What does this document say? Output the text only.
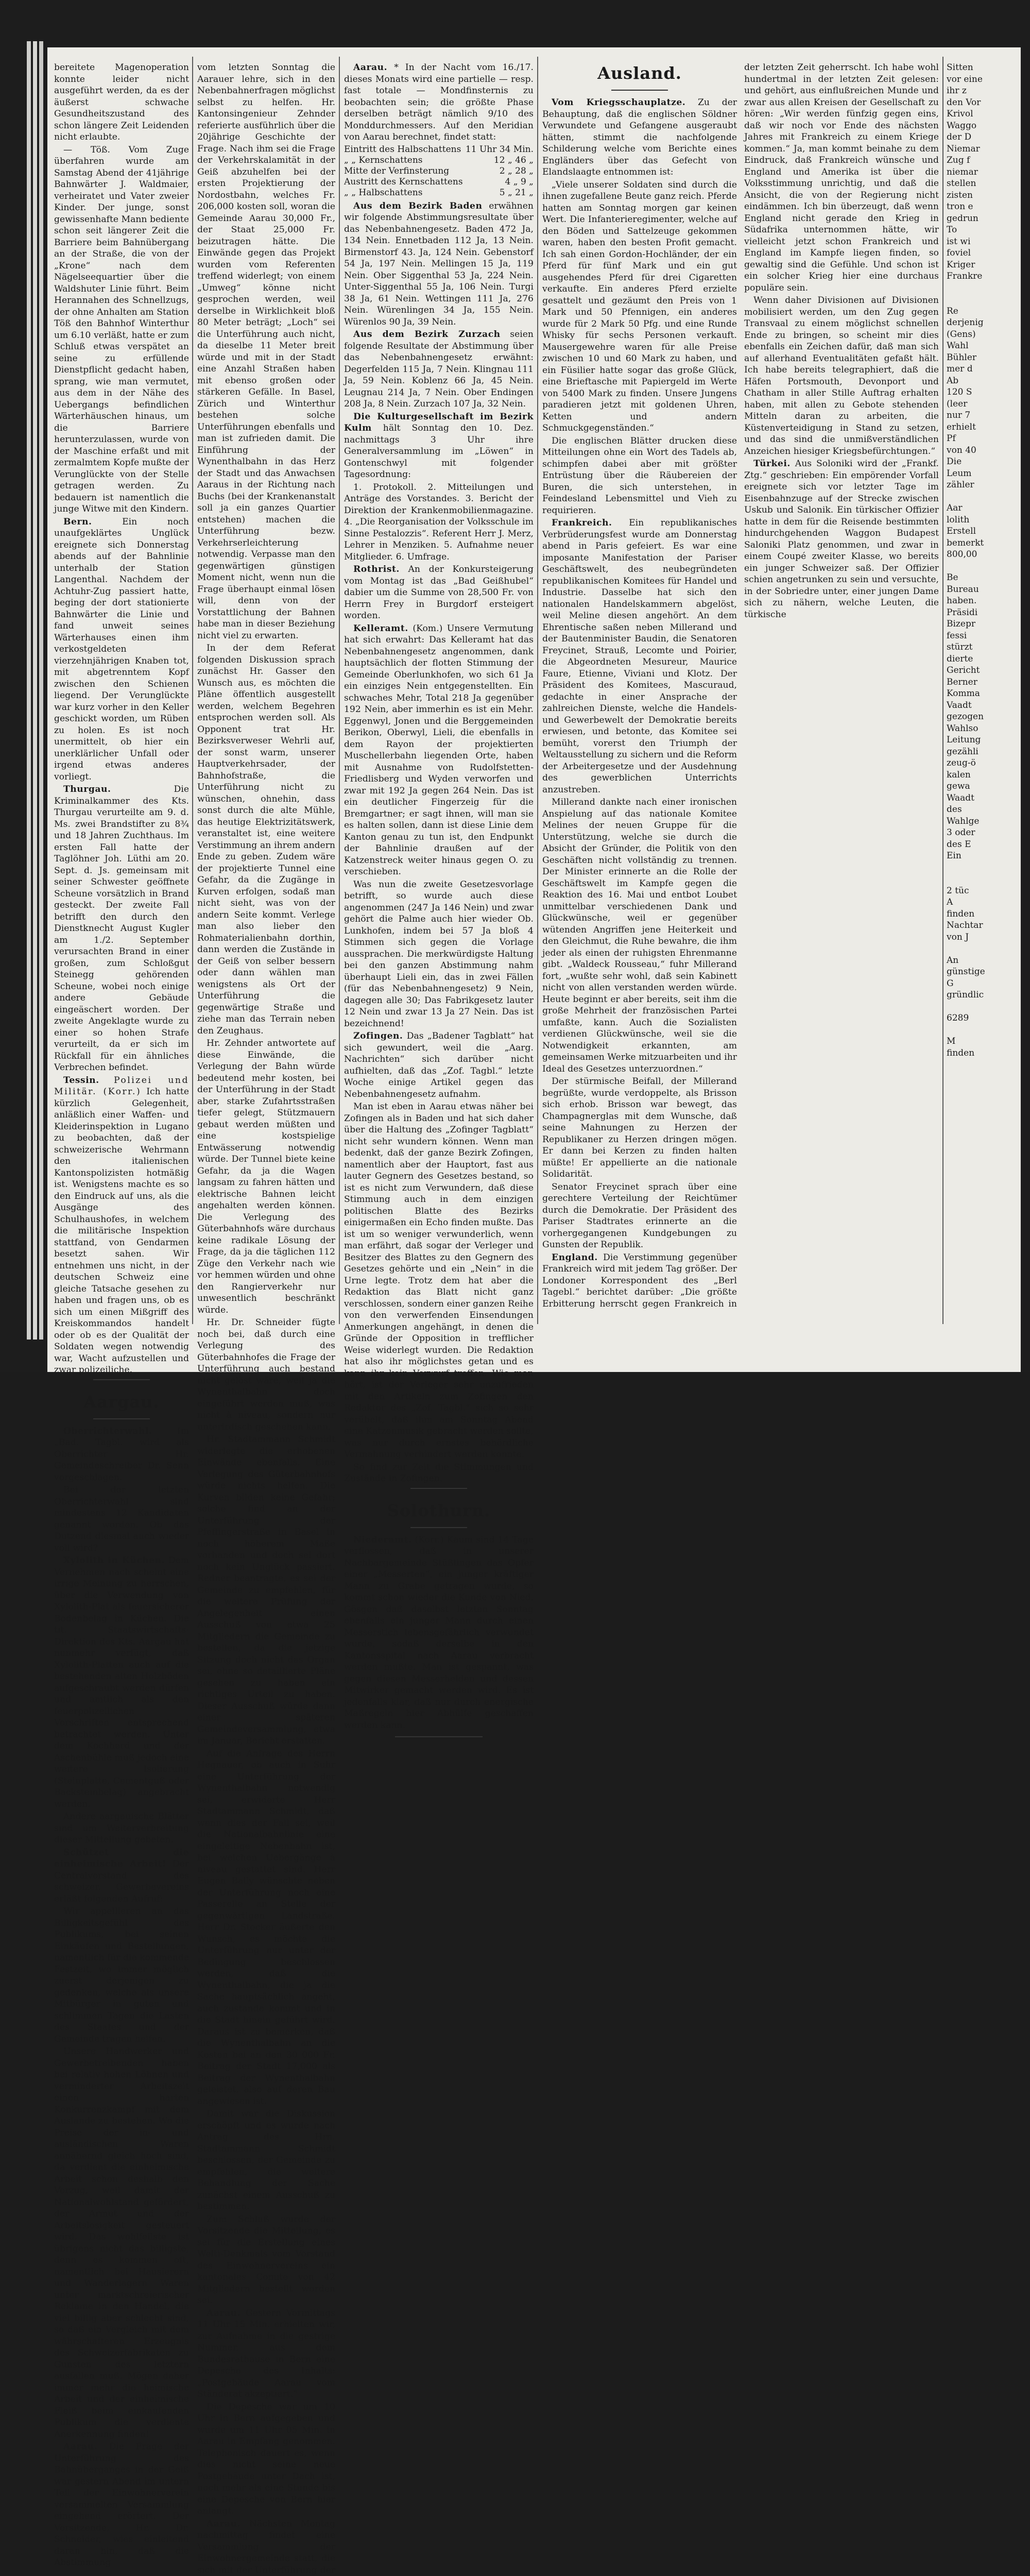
bereitete Magenoperation konnte leider nicht ausgeführt werden, da es der äußerst schwache Gesundheitszustand des schon längere Zeit Leidenden nicht erlaubte.

— Töß. Vom Zuge überfahren wurde am Samstag Abend der 41jährige Bahnwärter J. Waldmaier, verheiratet und Vater zweier Kinder. Der junge, sonst gewissenhafte Mann bediente schon seit längerer Zeit die Barriere beim Bahnübergang an der Straße, die von der „Krone“ nach dem Nägelseequartier über die Waldshuter Linie führt. Beim Herannahen des Schnellzugs, der ohne Anhalten am Station Töß den Bahnhof Winterthur um 6.10 verläßt, hatte er zum Schluß etwas verspätet an seine zu erfüllende Dienstpflicht gedacht haben, sprang, wie man vermutet, aus dem in der Nähe des Uebergangs befindlichen Wärterhäuschen hinaus, um die Barriere herunterzulassen, wurde von der Maschine erfaßt und mit zermalmtem Kopfe mußte der Verunglückte von der Stelle getragen werden. Zu bedauern ist namentlich die junge Witwe mit den Kindern.

Bern.	Ein noch unaufgeklärtes Unglück ereignete sich Donnerstag abends auf der Bahnlinie unterhalb der Station Langenthal. Nachdem der Achtuhr-Zug passiert hatte, beging der dort stationierte Bahnwärter die Linie und fand unweit seines Wärterhauses einen ihm verkostgeldeten vierzehnjährigen Knaben tot, mit abgetrenntem Kopf zwischen den Schienen liegend. Der Verunglückte war kurz vorher in den Keller geschickt worden, um Rüben zu holen. Es ist noch unermittelt, ob hier ein unerklärlicher Unfall oder irgend etwas anderes vorliegt.

Thurgau.	Die Kriminalkammer des Kts. Thurgau verurteilte am 9. d. Ms. zwei Brandstifter zu 8¾ und 18 Jahren Zuchthaus. Im ersten Fall hatte der Taglöhner Joh. Lüthi am 20. Sept. d. Js. gemeinsam mit seiner Schwester geöffnete Scheune vorsätzlich in Brand gesteckt. Der zweite Fall betrifft den durch den Dienstknecht August Kugler am 1./2. September verursachten Brand in einer großen, zum Schloßgut Steinegg gehörenden Scheune, wobei noch einige andere Gebäude eingeäschert worden. Der zweite Angeklagte wurde zu einer so hohen Strafe verurteilt, da er sich im Rückfall für ein ähnliches Verbrechen befindet.

Tessin. Polizei und Militär. (Korr.) Ich hatte kürzlich Gelegenheit, anläßlich einer Waffen- und Kleiderinspektion in Lugano zu beobachten, daß der schweizerische Wehrmann den italienischen Kantonspolizisten hotmäßig ist. Wenigstens machte es so den Eindruck auf uns, als die Ausgänge des Schulhaushofes, in welchem die militärische Inspektion stattfand, von Gendarmen besetzt sahen. Wir entnehmen uns nicht, in der deutschen Schweiz eine gleiche Tatsache gesehen zu haben und fragen uns, ob es sich um einen Mißgriff des Kreiskommandos handelt oder ob es der Qualität der Soldaten wegen notwendig war, Wacht aufzustellen und zwar polizeiliche.

Aargau.

Oberrichterwahl.	Im „Bad. Tagbl. wird als Oberrichter Hr. Gemeindeschreiber Dr. Senn vorgeschlagen.

Bei der letzten Oberrichterwahl sind mindestens 12 Kandidaten genannt worden. Ob das Dutzend diesmal auch wieder voll wird?

Xylolith in Küchen. Dem Vernehmen nach scheint eine irrige Meinung zu herrschen, über die Verwendung von Xylolith-Plat als feuersicherer Bodenbelag in Küchen. Die tit. Staatswirtschafts-Direktion des Kts. Aargau hat nunmehr verfügt, daß Xylolith-Platten auch auf die bestehenden alten Holzböden aufgeschraubt werden dürfen und amtlich als den feuerpolizeilichen Vorschriften entsprechend betrachtet werden. Unter dem Kochherd und der Aschenbühle muß jedoch eine weitere Isolierung (Steinplatte, Cementguß oder Backsteinbelag) angebracht werden.

Andere aargauische Blätter sind um Weiterverbreitung dieser Mitteilung gebeten.

Schützet die einheimische Arbeit! Der Centralvorstand des schweizer. Gewerbevereins erläßt folgenden Aufruf:

Wir appellieren an das Billigkeitsgefühl des Publikums, bei seinen Einkäufen und Bestellungen, namentlich für die kommende Festzeit, wo immer möglich zuerst derjenigen zu gedenken, welche als unsere Mitbürger in guten und schlimmen Tagen die Lasten des Staates und der Gemeinde tragen helfen.

Unsere Handwerker und Gewerbetreibenden haben bei relativ hohen Löhnen und verminderter Arbeitszeit einen harten Konkurrenzkampf mit dem Auslande zu bestehen. Wo die Preise der in- und ausländischen Waren annähernd gleich hoch sind, da verdient die einheimische Arbeit schon deshalb den Vorzug, weil damit der Nationalwohlstand gefördert, der Armut und der Arbeitslosigkeit gesteuert wird. Das wohlfeilste ist übrigens nicht das billigste, denn es kommen oft, namentlich bei Hausierern und Wanderlagern Waren unter marktschreierischer Reklame in den Handel, die viel billig aber schlecht sind, so daß ein Vergleich mit dem währschafteren Erzeugnis des Schweizerfabrikaten zu Gunsten des letztern ausfallen muß. Mögen daher immer mehr die heimische Arbeit und der einheimische Fleiß beim einkaufenden Publikum die verdiente Anerkennung finden!

Aarau. Die Frage der Unterführung des Bahnüberganges in der Geiß war gestern Abend im untern Teil der Einwohnerverein versammelten Versammlung eingehend erörtert. Der Vorsitzende, Hr. Dr. Schneider, wies einleitend daran hin, daß die Abstimmung

vom letzten Sonntag die Aarauer lehre, sich in den Nebenbahnerfragen möglichst selbst zu helfen. Hr. Kantonsingenieur Zehnder referierte ausführlich über die 20jährige Geschichte der Frage. Nach ihm sei die Frage der Verkehrskalamität in der Geiß abzuhelfen bei der ersten Projektierung der Nordostbahn, welches Fr. 206,000 kosten soll, woran die Gemeinde Aarau 30,000 Fr., der Staat 25,000 Fr. beizutragen hätte. Die Einwände gegen das Projekt wurden vom Referenten treffend widerlegt; von einem „Umweg“ könne nicht gesprochen werden, weil derselbe in Wirklichkeit bloß 80 Meter beträgt; „Loch“ sei die Unterführung auch nicht, da dieselbe 11 Meter breit würde und mit in der Stadt eine Anzahl Straßen haben mit ebenso großen oder stärkeren Gefälle. In Basel, Zürich und Winterthur bestehen solche Unterführungen ebenfalls und man ist zufrieden damit. Die Einführung der Wynenthalbahn in das Herz der Stadt und das Anwachsen Aaraus in der Richtung nach Buchs (bei der Krankenanstalt soll ja ein ganzes Quartier entstehen) machen die Unterführung bezw. Verkehrserleichterung notwendig. Verpasse man den gegenwärtigen günstigen Moment nicht, wenn nun die Frage überhaupt einmal lösen will, denn von der Vorstattlichung der Bahnen habe man in dieser Beziehung nicht viel zu erwarten.

In der dem Referat folgenden Diskussion sprach zunächst Hr. Gasser den Wunsch aus, es möchten die Pläne öffentlich ausgestellt werden, welchem Begehren entsprochen werden soll. Als Opponent trat Hr. Bezirksverweser Wehrli auf, der sonst warm, unserer Hauptverkehrsader, der Bahnhofstraße, die Unterführung nicht zu wünschen, ohnehin, dass sonst durch die alte Mühle, das heutige Elektrizitätswerk, veranstaltet ist, eine weitere Verstimmung an ihrem andern Ende zu geben. Zudem wäre der projektierte Tunnel eine Gefahr, da die Zugänge in Kurven erfolgen, sodaß man nicht sieht, was von der andern Seite kommt. Verlege man also lieber den Rohmaterialienbahn dorthin, dann werden die Zustände in der Geiß von selber bessern oder dann wählen man wenigstens als Ort der Unterführung die gegenwärtige Straße und ziehe man das Terrain neben den Zeughaus.

Hr. Zehnder antwortete auf diese Einwände, die Verlegung der Bahn würde bedeutend mehr kosten, bei der Unterführung in der Stadt aber, starke Zufahrtsstraßen tiefer gelegt, Stützmauern gebaut werden müßten und eine kostspielige Entwässerung notwendig würde. Der Tunnel biete keine Gefahr, da ja die Wagen langsam zu fahren hätten und elektrische Bahnen leicht angehalten werden können. Die Verlegung des Güterbahnhofs wäre durchaus keine radikale Lösung der Frage, da ja die täglichen 112 Züge den Verkehr nach wie vor hemmen würden und ohne den Rangierverkehr nur unwesentlich beschränkt würde.

Hr. Dr. Schneider fügte noch bei, daß durch eine Verlegung des Güterbahnhofes die Frage der Unterführung auch bestand nicht gelöst wäre, weil ja die Wynenthalbahn doch eingeführt werden muß, was nicht à niveau, sondern nur unterirdisch geschehen kann.

Hr. Stadtammann Schmidt widerlegte die erhobenen Einwände ebenfalls. Eine Verlegung des Güterbahnhofs würde nichts helfen. Die Kurven bilden keine Gefahr; solche find an der Unterführung der Pfeffingerstraße in Basel in noch höherem Maße vorhanden und doch sei dort noch kein Unglück passiert. Redner beantragte, es sei der Gemeinde zu empfehlen, für die weitere Prüfung der Angelegenheit einen Ausschuß von etwa 25 Mitgliedern die Gemeinde zu bestellen, da die jetzige Sitzung doch nicht das Organ sei, ohne so detaillierte Pläne gesehen zu haben ein richtiges Urteil zu haben. Dieser Ausschuß würde dann einer späteren Gemeindeversammlung, etwa im Januar, Bericht erstatten.

Auf die Anfrage des Herrn Hegnauer, ob auch in Suhr eine Unterführung der Wynenthalbahn notwendig sei, erwiderte Herr Stadtammann Schmidt, daß wenn dies der Fall sei, weil die Nationalbahnlinie eine eingeleitige Nebenbahn ist, bei welchen Uebergänge à niveau gestattet sind. Herr Eugen Bally wünschte neben der Unterführung noch eine Passerelle an Stelle der gegenwärtigen Landstraße. Herr Dr. Stocker äußerte den Wunsch, es möchte die Unterführung nur unter der Bedingung beschlossen werden, daß die Wynenthalbahn, die ja die Sache hauptsächlich angeht, auch zustande kommt und in die Stadt hinein geführt wird. Daraus ist zu bemerken, daß die Wynenthalbahn an die Kosten bei an den 30 000 Fr. Beitrag der Stadt 17,000 als Beitrag der Wynenthalbahn geleistet, also auf deren Bau angewiesen ist.

Damit war die Diskussion erschöpft und es wurde nach Antrag des Hrn. Stadtammann Schmidt beschlossen, der Gemeinde zu empfehlen, die weitere Behandlung der Sache zunächst einem Ausschuß zu bestimmen.

Zum Schluß wurde der Vorsitzende die Mitteilung, es sei für die Erstellung eines Welti-Denkmals vom Vorstand des Einwohnervereins ein kantonales Comite von 42 Mitgliedern bestellt worden sei.

Aarau. Gestern Vormittags 11 Uhr 15 Min. erhielten wir, zur Aufnahme in die gestrige Nummer, aus dem Bundesrathause in Bern eine Depesche des Inhalts: „Postgebäude Aarau vom Ständerat akzeptiert.“

Die Depesche war um 10 Uhr in Bern aufgegeben und wurde um 11 Uhr 05 Min. in Aarau in Empfang genommen. Telephonisch dauert es, wenn dies nicht seine neue Postgebäude unter Dach ist, noch mehr als eine Stunde bis eine Depesche von Bern hier anlangt.

Aarau. Nächsten Montag nachmittag findet eine Versammlung der Einwohnergemeinde statt, die sich mit der Unterführung der

Aarau. * In der Nacht vom 16./17. dieses Monats wird eine partielle — resp. fast totale — Mondfinsternis zu beobachten sein; die größte Phase derselben beträgt nämlich 9/10 des Monddurchmessers. Auf den Meridian von Aarau berechnet, findet statt:

Eintritt des Halbschattens	11 Uhr 34 Min.
„ „ Kernschattens	12 „ 46 „
Mitte der Verfinsterung	2 „ 28 „
Austritt des Kernschattens	4 „ 9 „
„ „ Halbschattens	5 „ 21 „

Aus dem Bezirk Baden erwähnen wir folgende Abstimmungsresultate über das Nebenbahnengesetz. Baden 472 Ja, 134 Nein. Ennetbaden 112 Ja, 13 Nein. Birmenstorf 43. Ja, 124 Nein. Gebenstorf 54 Ja, 197 Nein. Mellingen 15 Ja, 119 Nein. Ober Siggenthal 53 Ja, 224 Nein. Unter-Siggenthal 55 Ja, 106 Nein. Turgi 38 Ja, 61 Nein. Wettingen 111 Ja, 276 Nein. Würenlingen 34 Ja, 155 Nein. Würenlos 90 Ja, 39 Nein.

Aus dem Bezirk Zurzach seien folgende Resultate der Abstimmung über das Nebenbahnengesetz erwähnt: Degerfelden 115 Ja, 7 Nein. Klingnau 111 Ja, 59 Nein. Koblenz 66 Ja, 45 Nein. Leugnau 214 Ja, 7 Nein. Ober Endingen 208 Ja, 8 Nein. Zurzach 107 Ja, 32 Nein.

Die Kulturgesellschaft im Bezirk Kulm hält Sonntag den 10. Dez. nachmittags 3 Uhr ihre Generalversammlung im „Löwen“ in Gontenschwyl mit folgender Tagesordnung:

1. Protokoll. 2. Mitteilungen und Anträge des Vorstandes. 3. Bericht der Direktion der Krankenmobilienmagazine. 4. „Die Reorganisation der Volksschule im Sinne Pestalozzis“. Referent Herr J. Merz, Lehrer in Menziken. 5. Aufnahme neuer Mitglieder. 6. Umfrage.

Rothrist. An der Konkursteigerung vom Montag ist das „Bad Geißhubel“ dabier um die Summe von 28,500 Fr. von Herrn Frey in Burgdorf ersteigert worden.

Kelleramt. (Kom.) Unsere Vermutung hat sich erwahrt: Das Kelleramt hat das Nebenbahnengesetz angenommen, dank hauptsächlich der flotten Stimmung der Gemeinde Oberlunkhofen, wo sich 61 Ja ein einziges Nein entgegenstellten. Ein schwaches Mehr, Total 218 Ja gegenüber 192 Nein, aber immerhin es ist ein Mehr. Eggenwyl, Jonen und die Berggemeinden Berikon, Oberwyl, Lieli, die ebenfalls in dem Rayon der projektierten Muschellerbahn liegenden Orte, haben mit Ausnahme von Rudolfstetten-Friedlisberg und Wyden verworfen und zwar mit 192 Ja gegen 264 Nein. Das ist ein deutlicher Fingerzeig für die Bremgartner; er sagt ihnen, will man sie es halten sollen, dann ist diese Linie dem Kanton genau zu tun ist, den Endpunkt der Bahnlinie draußen auf der Katzenstreck weiter hinaus gegen O. zu verschieben.

Was nun die zweite Gesetzesvorlage betrifft, so wurde auch diese angenommen (247 Ja 146 Nein) und zwar gehört die Palme auch hier wieder Ob. Lunkhofen, indem bei 57 Ja bloß 4 Stimmen sich gegen die Vorlage aussprachen. Die merkwürdigste Haltung bei den ganzen Abstimmung nahm überhaupt Lieli ein, das in zwei Fällen (für das Nebenbahnengesetz) 9 Nein, dagegen alle 30; Das Fabrikgesetz lauter 12 Nein und zwar 13 Ja 27 Nein. Das ist bezeichnend!

Zofingen. Das „Badener Tagblatt“ hat sich gewundert, weil die „Aarg. Nachrichten“ sich darüber nicht aufhielten, daß das „Zof. Tagbl.“ letzte Woche einige Artikel gegen das Nebenbahnengesetz aufnahm.

Man ist eben in Aarau etwas näher bei Zofingen als in Baden und hat sich daher über die Haltung des „Zofinger Tagblatt“ nicht sehr wundern können. Wenn man bedenkt, daß der ganze Bezirk Zofingen, namentlich aber der Hauptort, fast aus lauter Gegnern des Gesetzes bestand, so ist es nicht zum Verwundern, daß diese Stimmung auch in dem einzigen politischen Blatte des Bezirks einigermaßen ein Echo finden mußte. Das ist um so weniger verwunderlich, wenn man erfährt, daß sogar der Verleger und Besitzer des Blattes zu den Gegnern des Gesetzes gehörte und ein „Nein“ in die Urne legte. Trotz dem hat aber die Redaktion das Blatt nicht ganz verschlossen, sondern einer ganzen Reihe von den verwerfenden Einsendungen Anmerkungen angehängt, in denen die Gründe der Opposition in trefflicher Weise widerlegt wurden. Die Redaktion hat also ihr möglichstes getan und es kann ihr kein Vorwurf treffen. Wie man hört, ist der Verleger sehr unzufrieden mit den Artikeln zum Zofingen den Redaktor des „Zof. Tagbl.“ sich so sehr verübelt, daß ihm am Sonntag Abend eine Katzenmusik gebracht werden sollte, was nur durch ernstes behördliche Vermahnung verhindert werden konnte.

So find zur Zeit die Stimmungen und Zustände in Zofingen.

Solothurn.

Niederamt. (Korr.) Kaum sind 14 Tage verflossen, daß in unserer Nachbargemeinde Stüßlingen das Opfer einer „Messerten“, ein junger kräftiger Mann zu Grabe getragen wurde, so kommt schon wieder die Kunde von Nied. Gösgen daß daselbst letzten Sonntag ebenfalls ein junger Mann durch einen Messerstich lebensgefährlich verwundet wurde, sodaß derselbe in den Kantonsspital nach Aarau verbracht werden mußte. Man ist gespannt, was gegen diesen Messerhelden und dessen Mitwirker gemacht werden wird. Es ist jedenfalls klar, daß nur durch energische Maßregeln hier Abhülfe geschaffen werden kann.

Ausland.

Vom Kriegsschauplatze. Zu der Behauptung, daß die englischen Söldner Verwundete und Gefangene ausgeraubt hätten, stimmt die nachfolgende Schilderung welche vom Berichte eines Engländers über das Gefecht von Elandslaagte entnommen ist:

„Viele unserer Soldaten sind durch die ihnen zugefallene Beute ganz reich. Pferde hatten am Sonntag morgen gar keinen Wert. Die Infanterieregimenter, welche auf den Böden und Sattelzeuge gekommen waren, haben den besten Profit gemacht. Ich sah einen Gordon-Hochländer, der ein Pferd für fünf Mark und ein gut ausgehendes Pferd für drei Cigaretten verkaufte. Ein anderes Pferd erzielte gesattelt und gezäumt den Preis von 1 Mark und 50 Pfennigen, ein anderes wurde für 2 Mark 50 Pfg. und eine Runde Whisky für sechs Personen verkauft. Mausergewehre waren für alle Preise zwischen 10 und 60 Mark zu haben, und ein Füsilier hatte sogar das große Glück, eine Brieftasche mit Papiergeld im Werte von 5400 Mark zu finden. Unsere Jungens paradieren jetzt mit goldenen Uhren, Ketten und andern Schmuckgegenständen.“

Die englischen Blätter drucken diese Mitteilungen ohne ein Wort des Tadels ab, schimpfen dabei aber mit größter Entrüstung über die Räubereien der Buren, die sich unterstehen, in Feindesland Lebensmittel und Vieh zu requirieren.

Frankreich. Ein republikanisches Verbrüderungsfest wurde am Donnerstag abend in Paris gefeiert. Es war eine imposante Manifestation der Pariser Geschäftswelt, des neubegründeten republikanischen Komitees für Handel und Industrie. Dasselbe hat sich den nationalen Handelskammern abgelöst, weil Meline diesen angehört. An dem Ehrentische saßen neben Millerand und der Bautenminister Baudin, die Senatoren Freycinet, Strauß, Lecomte und Poirier, die Abgeordneten Mesureur, Maurice Faure, Etienne, Viviani und Klotz. Der Präsident des Komitees, Mascuraud, gedachte in einer Ansprache der zahlreichen Dienste, welche die Handels- und Gewerbewelt der Demokratie bereits erwiesen, und betonte, das Komitee sei bemüht, vorerst den Triumph der Weltausstellung zu sichern und die Reform der Arbeitergesetze und der Ausdehnung des gewerblichen Unterrichts anzustreben.

Millerand dankte nach einer ironischen Anspielung auf das nationale Komitee Melines der neuen Gruppe für die Unterstützung, welche sie durch die Absicht der Gründer, die Politik von den Geschäften nicht vollständig zu trennen. Der Minister erinnerte an die Rolle der Geschäftswelt im Kampfe gegen die Reaktion des 16. Mai und entbot Loubet unmittelbar verschiedenen Dank und Glückwünsche, weil er gegenüber wütenden Angriffen jene Heiterkeit und den Gleichmut, die Ruhe bewahre, die ihm jeder als einen der ruhigsten Ehrenmanne gibt. „Waldeck Rousseau,“ fuhr Millerand fort, „wußte sehr wohl, daß sein Kabinett nicht von allen verstanden werden würde. Heute beginnt er aber bereits, seit ihm die große Mehrheit der französischen Partei umfaßte, kann. Auch die Sozialisten verdienen Glückwünsche, weil sie die Notwendigkeit erkannten, am gemeinsamen Werke mitzuarbeiten und ihr Ideal des Gesetzes unterzuordnen.“

Der stürmische Beifall, der Millerand begrüßte, wurde verdoppelte, als Brisson sich erhob. Brisson war bewegt, das Champagnerglas mit dem Wunsche, daß seine Mahnungen zu Herzen der Republikaner zu Herzen dringen mögen. Er dann bei Kerzen zu finden halten müßte! Er appellierte an die nationale Solidarität.

Senator Freycinet sprach über eine gerechtere Verteilung der Reichtümer durch die Demokratie. Der Präsident des Pariser Stadtrates erinnerte an die vorhergegangenen Kundgebungen zu Gunsten der Republik.

England. Die Verstimmung gegenüber Frankreich wird mit jedem Tag größer. Der Londoner Korrespondent des „Berl Tagebl.“ berichtet darüber: „Die größte Erbitterung herrscht gegen Frankreich in der letzten Zeit geherrscht. Ich habe wohl hundertmal in der letzten Zeit gelesen: und gehört, aus einflußreichen Munde und zwar aus allen Kreisen der Gesellschaft zu hören: „Wir werden fünfzig gegen eins, daß wir noch vor Ende des nächsten Jahres mit Frankreich zu einem Kriege kommen.“ Ja, man kommt beinahe zu dem Eindruck, daß Frankreich wünsche und England und Amerika ist über die Volksstimmung unrichtig, und daß die Ansicht, die von der Regierung nicht eindämmen. Ich bin überzeugt, daß wenn England nicht gerade den Krieg in Südafrika unternommen hätte, wir vielleicht jetzt schon Frankreich und England im Kampfe liegen finden, so gewaltig sind die Gefühle. Und schon ist ein solcher Krieg hier eine durchaus populäre sein.

Wenn daher Divisionen auf Divisionen mobilisiert werden, um den Zug gegen Transvaal zu einem möglichst schnellen Ende zu bringen, so scheint mir dies ebenfalls ein Zeichen dafür, daß man sich auf allerhand Eventualitäten gefaßt hält. Ich habe bereits telegraphiert, daß die Häfen Portsmouth, Devonport und Chatham in aller Stille Auftrag erhalten haben, mit allen zu Gebote stehenden Mitteln daran zu arbeiten, die Küstenverteidigung in Stand zu setzen, und das sind die unmißverständlichen Anzeichen hiesiger Kriegsbefürchtungen.“

Türkei. Aus Soloniki wird der „Frankf. Ztg.“ geschrieben: Ein empörender Vorfall ereignete sich vor letzter Tage im Eisenbahnzuge auf der Strecke zwischen Uskub und Salonik. Ein türkischer Offizier hatte in dem für die Reisende bestimmten hindurchgehenden Waggon Budapest Saloniki Platz genommen, und zwar in einem Coupé zweiter Klasse, wo bereits ein junger Schweizer saß. Der Offizier schien angetrunken zu sein und versuchte, in der Sobriedre unter, einer jungen Dame sich zu nähern, welche Leuten, die türkische

Sitten
vor eine
ihr z
den Vor
Krivol
Waggo
der D
Niemar
Zug f
niemar
stellen
zisten
tron e
gedrun
To
ist wi
foviel
Kriger
Frankre
Re
derjenig
(Gens)
Wahl
Bühler
mer d
Ab
120 S
(leer
nur 7
erhielt
Pf
von 40
Die
Leum
zähler
Aar
lolith
Erstell
bemerkt
800,00
Be
Bureau
haben.
Präsidi
Bizepr
fessi
stürzt
dierte
Gericht
Berner
Komma
Vaadt
gezogen
Wahlso
Leitung
gezähli
zeug-ö
kalen
gewa
Waadt
des
Wahlge
3 oder
des E
Ein
2 tüc
A
finden
Nachtar
von J
An
günstige
G
gründlic
6289
M
finden
